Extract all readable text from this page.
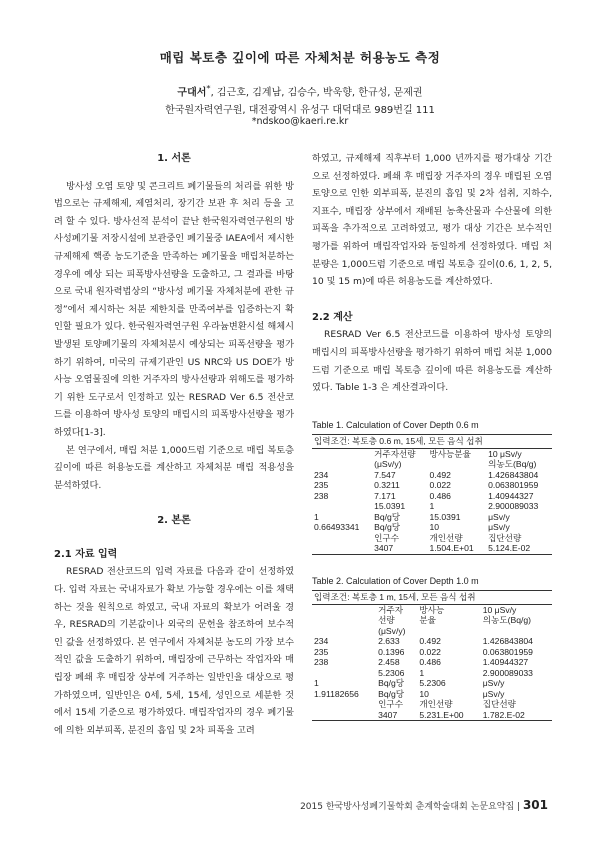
매립 복토층 깊이에 따른 자체처분 허용농도 측정
구대서*, 김근호, 김계남, 김승수, 박욱향, 한규성, 문제권
한국원자력연구원, 대전광역시 유성구 대덕대로 989번길 111
*ndskoo@kaeri.re.kr
1. 서론

방사성 오염 토양 및 콘크리트 폐기물들의 처리를 위한 방법으로는 규제해제, 제염처리, 장기간 보관 후 처리 등을 고려 할 수 있다. 방사선적 분석이 끝난 한국원자력연구원의 방사성폐기물 저장시설에 보관중인 폐기물중 IAEA에서 제시한 규제해제 핵종 농도기준을 만족하는 폐기물을 매립처분하는 경우에 예상 되는 피폭방사선량을 도출하고, 그 결과를 바탕으로 국내 원자력법상의 “방사성 폐기물 자체처분에 관한 규정”에서 제시하는 처분 제한치를 만족여부를 입증하는지 확인할 필요가 있다. 한국원자력연구원 우라늄변환시설 해체시 발생된 토양폐기물의 자체처분시 예상되는 피폭선량을 평가하기 위하여, 미국의 규제기관인 US NRC와 US DOE가 방사능 오염물질에 의한 거주자의 방사선량과 위해도를 평가하기 위한 도구로서 인정하고 있는 RESRAD Ver 6.5 전산코드를 이용하여 방사성 토양의 매립시의 피폭방사선량을 평가하였다[1-3].

본 연구에서, 매립 처분 1,000드럼 기준으로 매립 복토층 깊이에 따른 허용농도를 계산하고 자체처분 매립 적용성을 분석하였다.

2. 본론
2.1 자료 입력

RESRAD 전산코드의 입력 자료를 다음과 같이 선정하였다. 입력 자료는 국내자료가 확보 가능할 경우에는 이를 채택하는 것을 원칙으로 하였고, 국내 자료의 확보가 어려울 경우, RESRAD의 기본값이나 외국의 문헌을 참조하여 보수적인 값을 선정하였다. 본 연구에서 자체처분 농도의 가장 보수적인 값을 도출하기 위하여, 매립장에 근무하는 작업자와 매립장 폐쇄 후 매립장 상부에 거주하는 일반인을 대상으로 평가하였으며, 일반인은 0세, 5세, 15세, 성인으로 세분한 것에서 15세 기준으로 평가하였다. 매립작업자의 경우 폐기물에 의한 외부피폭, 분진의 흡입 및 2차 피폭을 고려

하였고, 규제해제 직후부터 1,000 년까지를 평가대상 기간으로 선정하였다. 폐쇄 후 매립장 거주자의 경우 매립된 오염토양으로 인한 외부피폭, 분진의 흡입 및 2차 섭취, 지하수, 지표수, 매립장 상부에서 재배된 농축산물과 수산물에 의한 피폭을 추가적으로 고려하였고, 평가 대상 기간은 보수적인 평가를 위하여 매립작업자와 동일하게 선정하였다. 매립 처분량은 1,000드럼 기준으로 매립 복토층 깊이(0.6, 1, 2, 5, 10 및 15 m)에 따른 허용농도를 계산하였다.

2.2 계산

RESRAD Ver 6.5 전산코드를 이용하여 방사성 토양의 매립시의 피폭방사선량을 평가하기 위하여 매립 처분 1,000드럼 기준으로 매립 복토층 깊이에 따른 허용농도를 계산하였다. Table 1-3 은 계산결과이다.

Table 1. Calculation of Cover Depth 0.6 m
입력조건: 복토층 0.6 m, 15세, 모든 음식 섭취			
	거주자선량
(μSv/y)	방사능분율	10 μSv/y
의농도(Bq/g)
234	7.547	0.492	1.426843804
235	0.3211	0.022	0.063801959
238	7.171	0.486	1.40944327
	15.0391	1	2.900089033
1	Bq/g당	15.0391	μSv/y
0.66493341	Bq/g당	10	μSv/y
	인구수	개인선량	집단선량
	3407	1.504.E+01	5.124.E-02
Table 2. Calculation of Cover Depth 1.0 m
입력조건: 복토층 1 m, 15세, 모든 음식 섭취			
	거주자
선량
(μSv/y)	방사능
분율	10 μSv/y
의농도(Bq/g)
234	2.633	0.492	1.426843804
235	0.1396	0.022	0.063801959
238	2.458	0.486	1.40944327
	5.2306	1	2.900089033
1	Bq/g당	5.2306	μSv/y
1.91182656	Bq/g당	10	μSv/y
	인구수	개인선량	집단선량
	3407	5.231.E+00	1.782.E-02
2015 한국방사성폐기물학회 춘계학술대회 논문요약집 | 301
